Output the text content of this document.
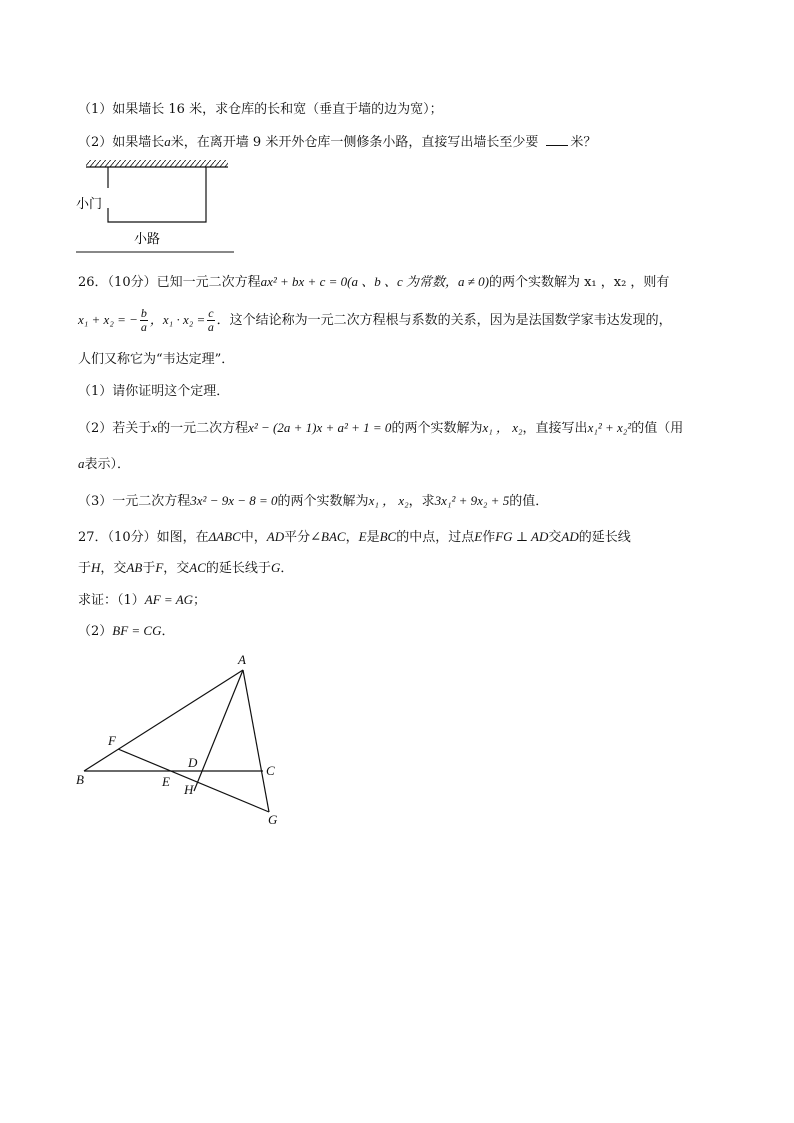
（1）如果墙长 16 米，求仓库的长和宽（垂直于墙的边为宽）；
（2）如果墙长a米，在离开墙 9 米开外仓库一侧修条小路，直接写出墙长至少要 米？
小门
小路
26．（10分）已知一元二次方程ax² + bx + c = 0(a 、b 、c 为常数，a ≠ 0)的两个实数解为 x₁ ，x₂ ，则有
x₁ + x₂ = − $\frac{b}{a}$ ，$x_1 \cdot x_2 = \frac{c}{a}$ ．这个结论称为一元二次方程根与系数的关系，因为是法国数学家韦达发现的，
人们又称它为“韦达定理”．
（1）请你证明这个定理．
（2）若关于x的一元二次方程x² − (2a + 1)x + a² + 1 = 0的两个实数解为x₁ ， x₂，直接写出x₁² + x₂²的值（用
a表示）．
（3）一元二次方程3x² − 9x − 8 = 0的两个实数解为x₁ ， x₂，求3x₁² + 9x₂ + 5的值．
27．（10分）如图，在ΔABC中，AD平分∠BAC，E是BC的中点，过点E作FG ⊥ AD交AD的延长线
于H，交AB于F，交AC的延长线于G．
求证：（1）AF = AG；
（2）BF = CG．
A
B
C
D
E
F
G
H
